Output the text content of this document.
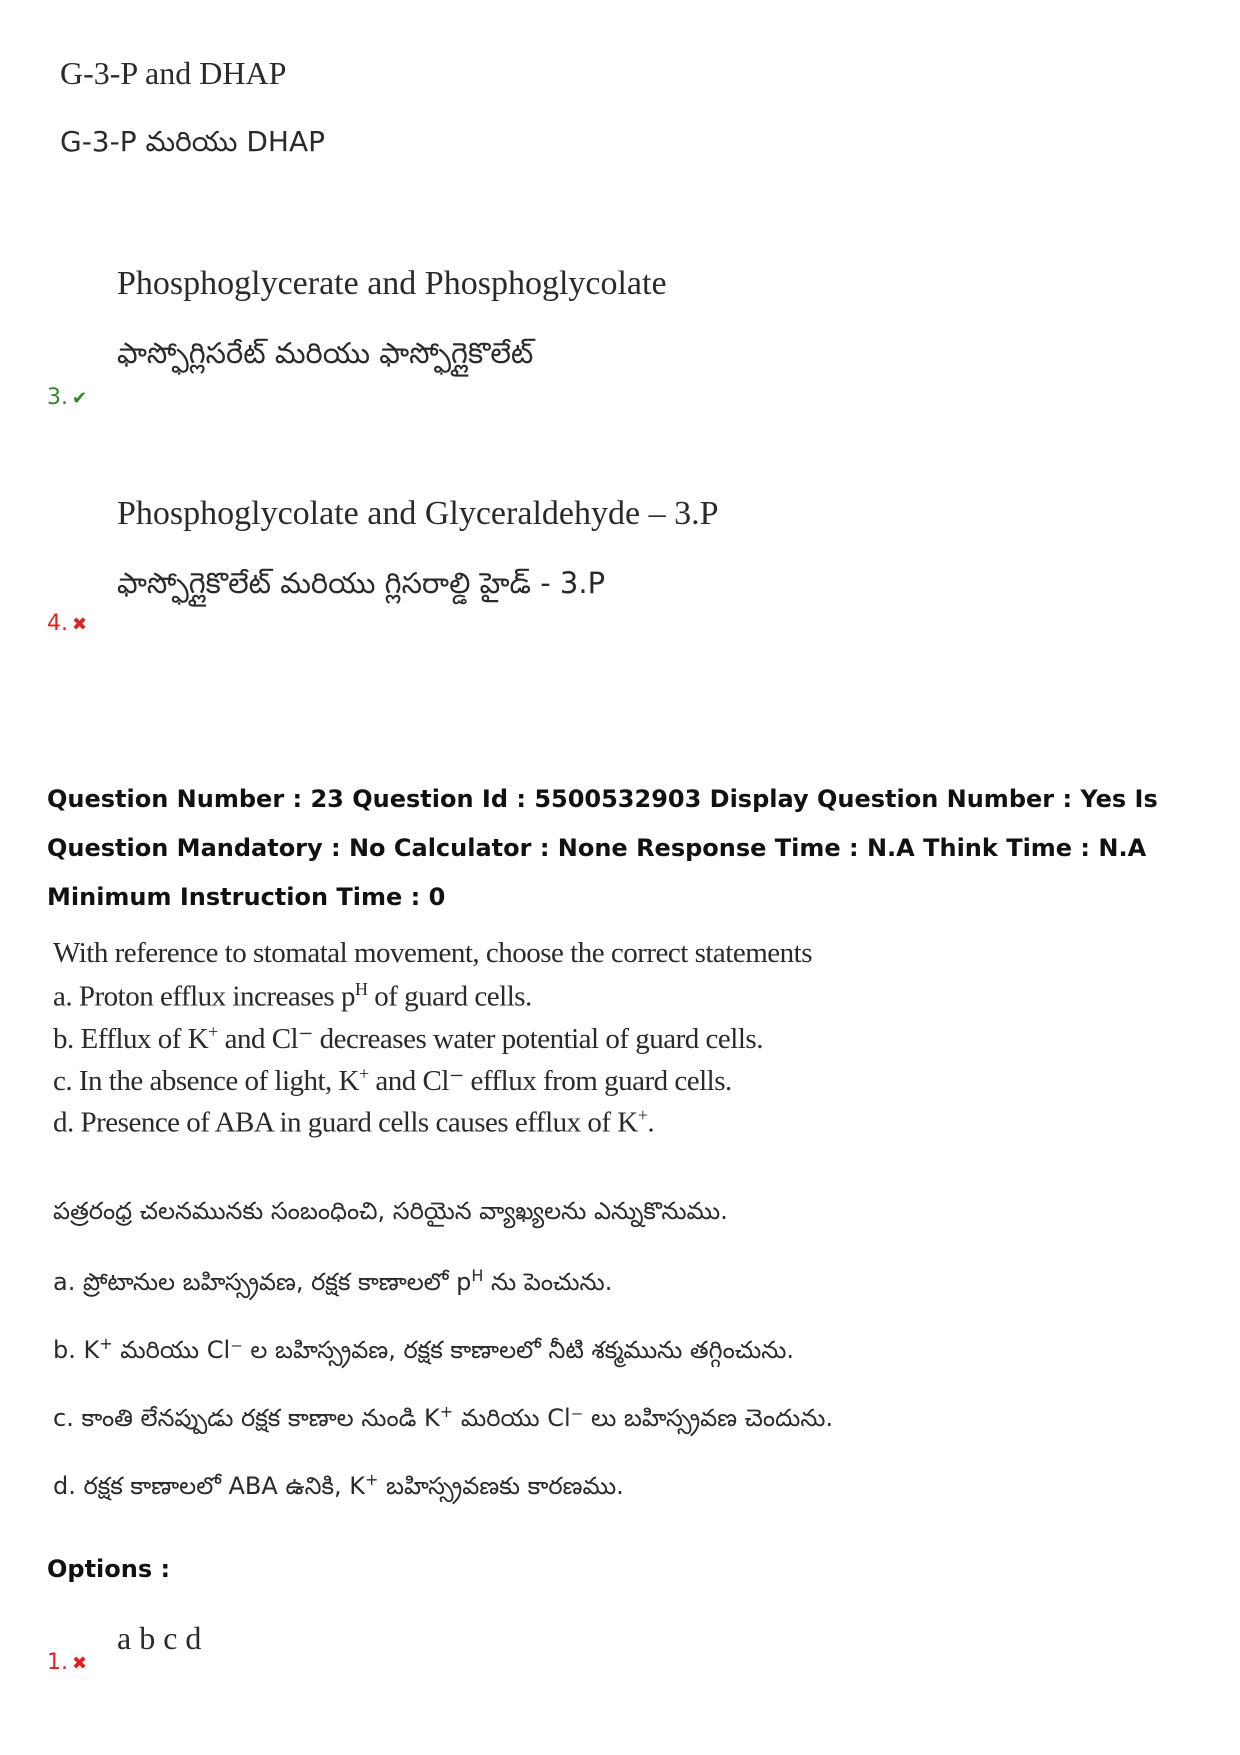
G-3-P and DHAP
G-3-P మరియు DHAP
Phosphoglycerate and Phosphoglycolate
ఫాస్ఫోగ్లిసరేట్ మరియు ఫాస్ఫోగ్లైకొలేట్
3. ✔
Phosphoglycolate and Glyceraldehyde – 3.P
ఫాస్ఫోగ్లైకొలేట్ మరియు గ్లిసరాల్డి హైడ్ - 3.P
4. ✖
Question Number : 23 Question Id : 5500532903 Display Question Number : Yes Is Question Mandatory : No Calculator : None Response Time : N.A Think Time : N.A Minimum Instruction Time : 0
With reference to stomatal movement, choose the correct statements
a. Proton efflux increases $p^H$ of guard cells.
b. Efflux of K+ and Cl⁻ decreases water potential of guard cells.
c. In the absence of light, K+ and Cl⁻ efflux from guard cells.
d. Presence of ABA in guard cells causes efflux of K+.
పత్రరంధ్ర చలనమునకు సంబంధించి, సరియైన వ్యాఖ్యలను ఎన్నుకొనుము.
a. ప్రోటానుల బహిస్స్రవణ, రక్షక కాణాలలో $p^H$ ను పెంచును.
b. K+ మరియు Cl⁻ ల బహిస్స్రవణ, రక్షక కాణాలలో నీటి శక్మమును తగ్గించును.
c. కాంతి లేనప్పుడు రక్షక కాణాల నుండి K+ మరియు Cl⁻ లు బహిస్స్రవణ చెందును.
d. రక్షక కాణాలలో ABA ఉనికి, K+ బహిస్స్రవణకు కారణము.
Options :
a b c d
1. ✖
